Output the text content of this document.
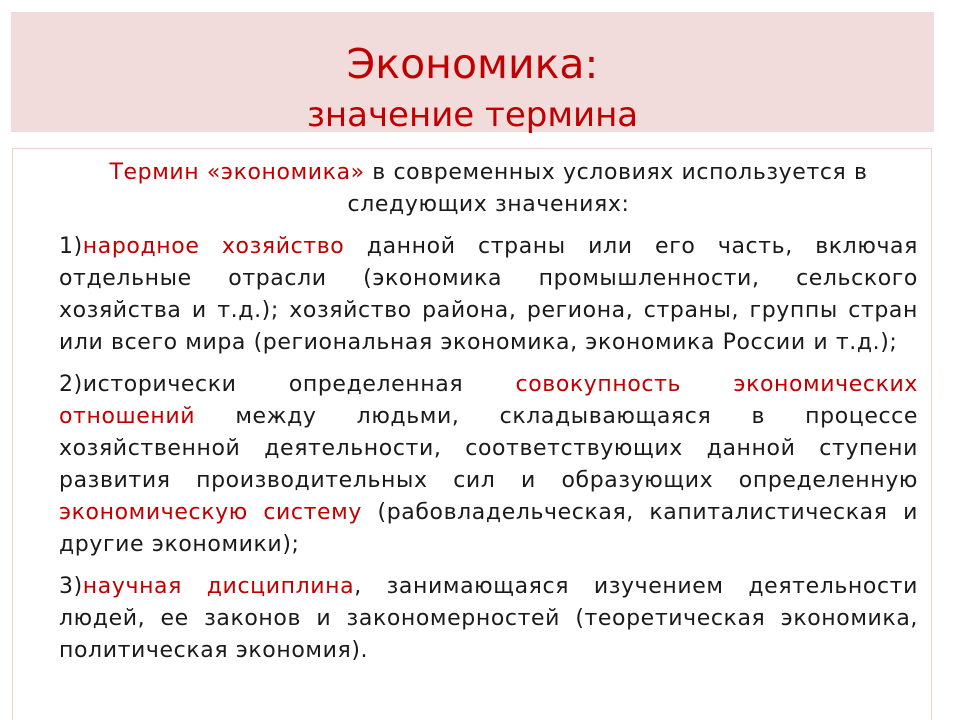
Экономика:
значение термина

Термин «экономика» в современных условиях используется в следующих значениях:

1)народное хозяйство данной страны или его часть, включая отдельные отрасли (экономика промышленности, сельского хозяйства и т.д.); хозяйство района, региона, страны, группы стран или всего мира (региональная экономика, экономика России и т.д.);

2)исторически определенная совокупность экономических отношений между людьми, складывающаяся в процессе хозяйственной деятельности, соответствующих данной ступени развития производительных сил и образующих определенную экономическую систему (рабовладельческая, капиталистическая и другие экономики);

3)научная дисциплина, занимающаяся изучением деятельности людей, ее законов и закономерностей (теоретическая экономика, политическая экономия).
